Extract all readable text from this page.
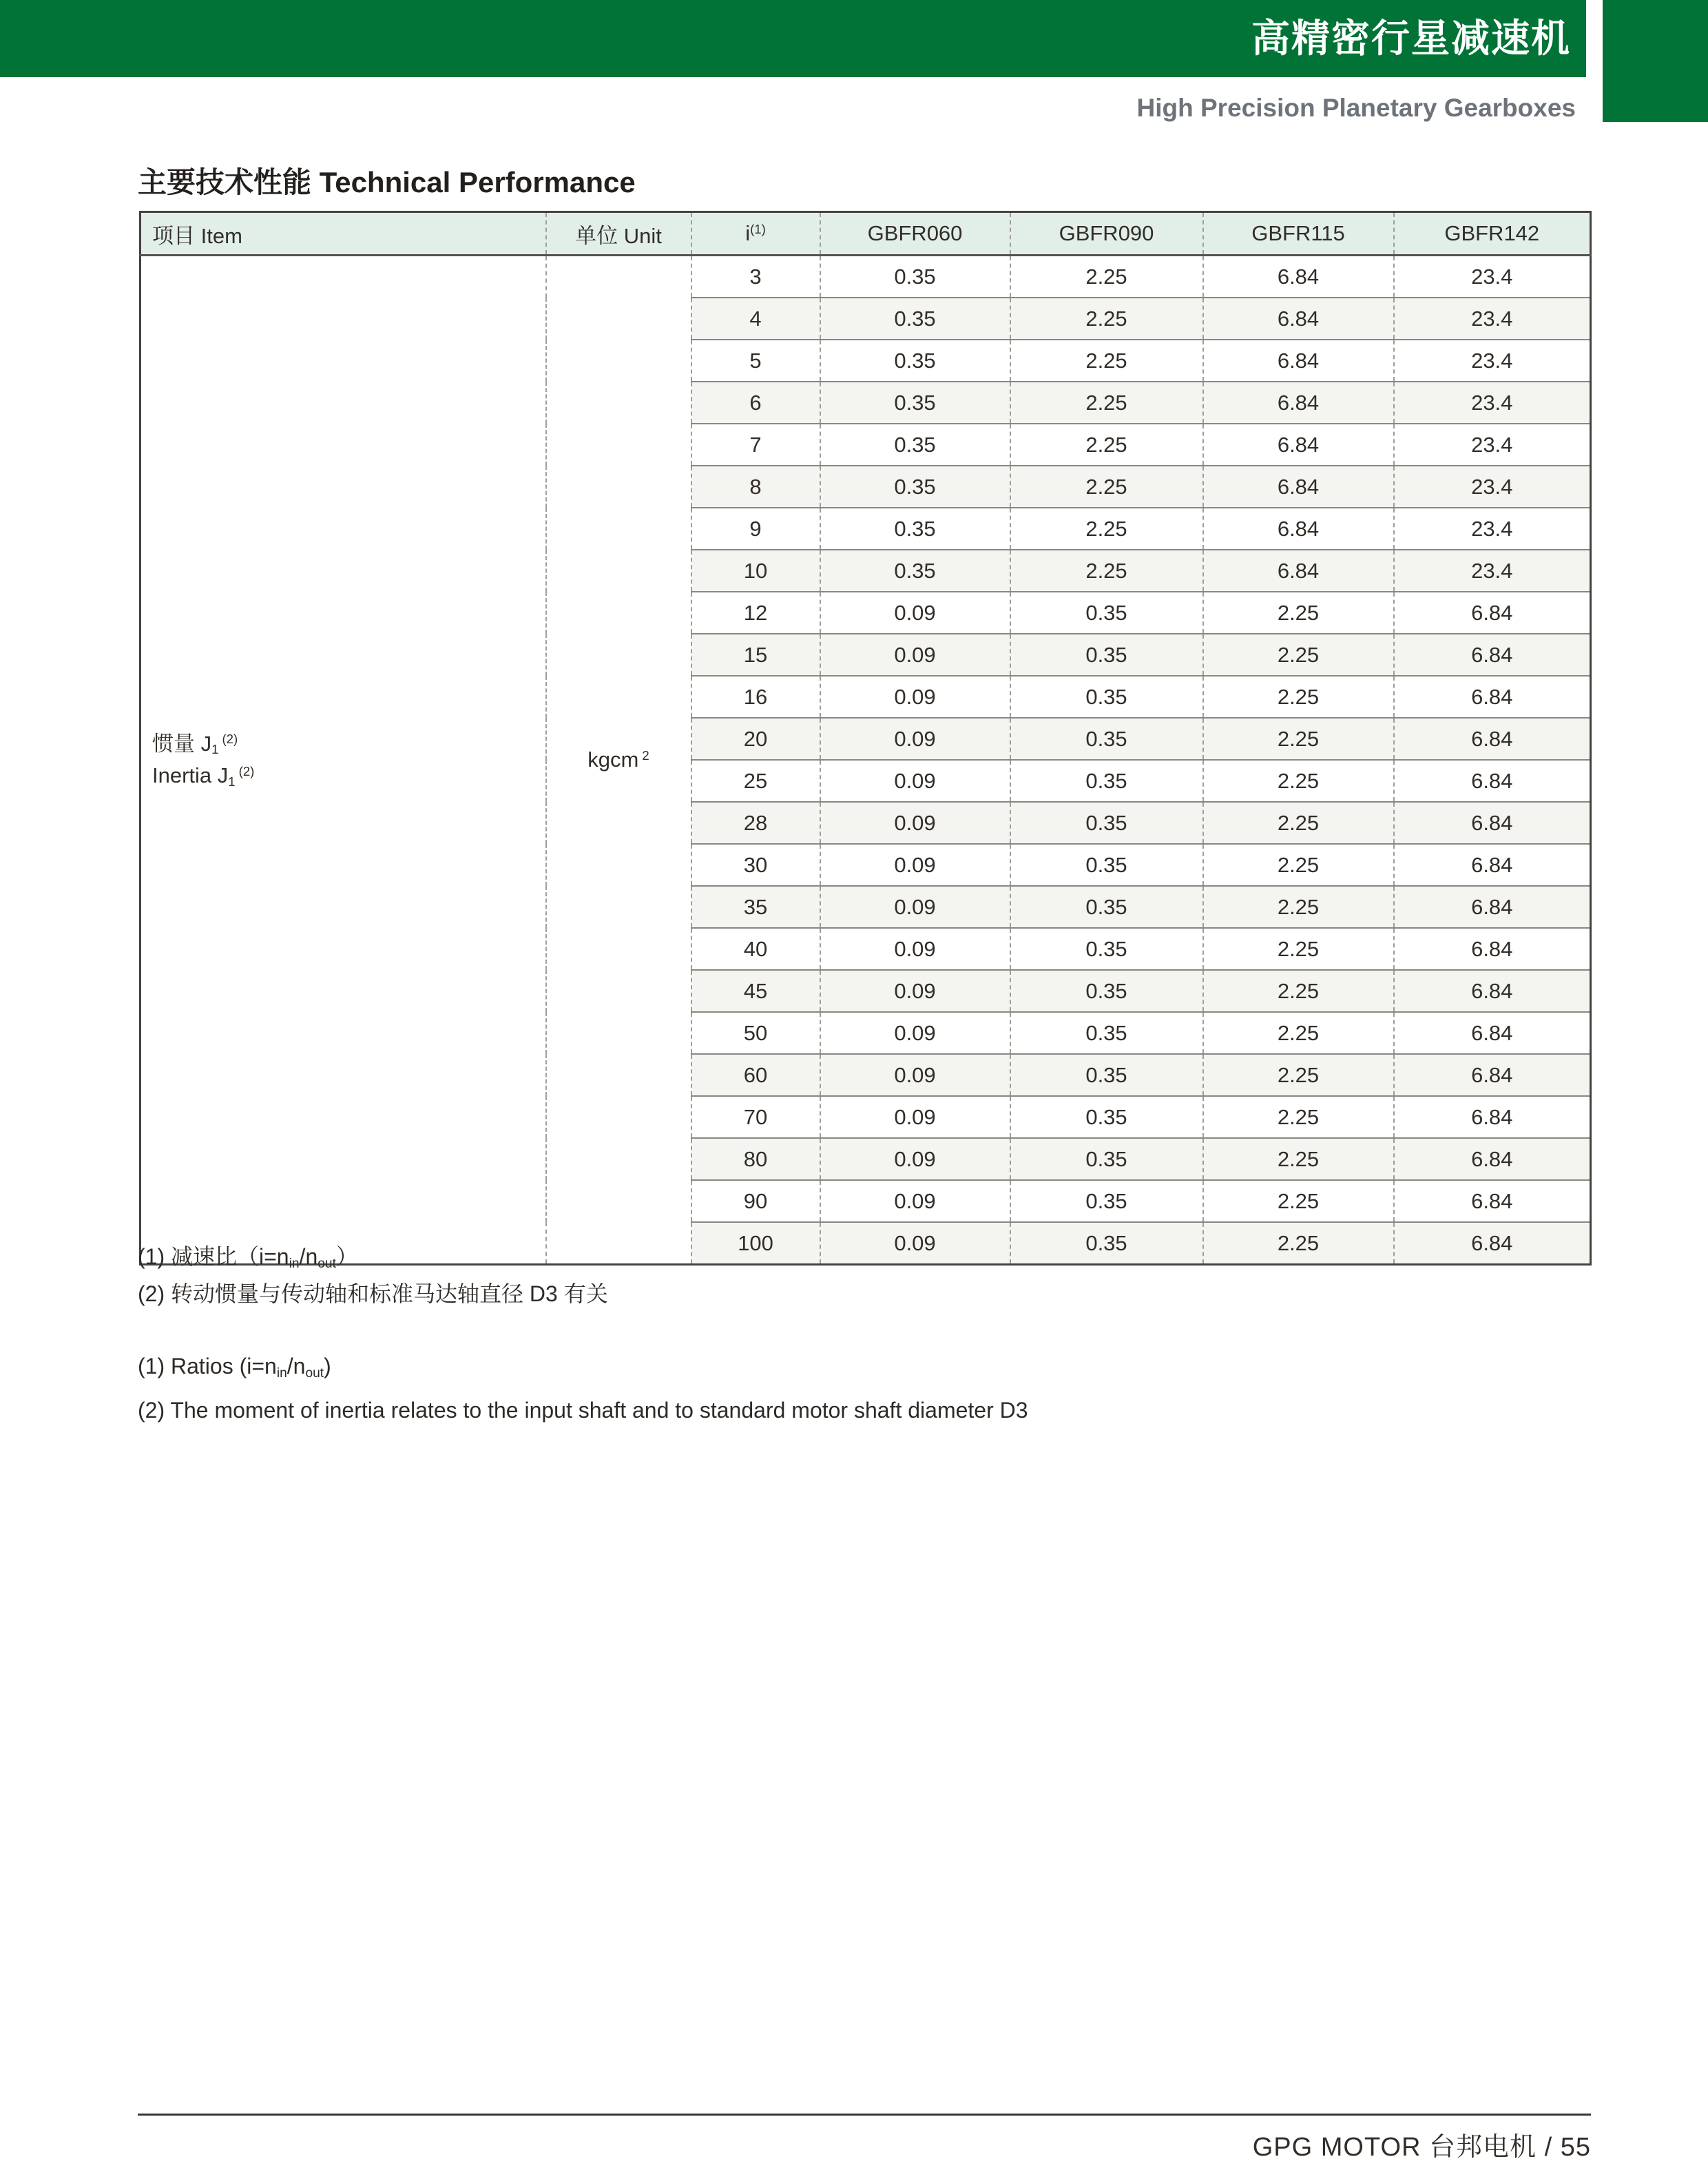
高精密行星减速机
High Precision Planetary Gearboxes
主要技术性能 Technical Performance
项目 Item	单位 Unit	$i^{(1)}$	GBFR060	GBFR090	GBFR115	GBFR142

惯量 $J_1^{(2)}$
Inertia $J_1^{(2)}$	kgcm $^2$	3	0.35	2.25	6.84	23.4
		4	0.35	2.25	6.84	23.4
		5	0.35	2.25	6.84	23.4
		6	0.35	2.25	6.84	23.4
		7	0.35	2.25	6.84	23.4
		8	0.35	2.25	6.84	23.4
		9	0.35	2.25	6.84	23.4
		10	0.35	2.25	6.84	23.4
		12	0.09	0.35	2.25	6.84
		15	0.09	0.35	2.25	6.84
		16	0.09	0.35	2.25	6.84
		20	0.09	0.35	2.25	6.84
		25	0.09	0.35	2.25	6.84
		28	0.09	0.35	2.25	6.84
		30	0.09	0.35	2.25	6.84
		35	0.09	0.35	2.25	6.84
		40	0.09	0.35	2.25	6.84
		45	0.09	0.35	2.25	6.84
		50	0.09	0.35	2.25	6.84
		60	0.09	0.35	2.25	6.84
		70	0.09	0.35	2.25	6.84
		80	0.09	0.35	2.25	6.84
		90	0.09	0.35	2.25	6.84
		100	0.09	0.35	2.25	6.84

(1) 减速比$(i=n_{in}/n_{out})$

(2) 转动惯量与传动轴和标准马达轴直径 D3 有关

(1) Ratios $(i=n_{in}/n_{out})$

(2) The moment of inertia relates to the input shaft and to standard motor shaft diameter D3

GPG MOTOR 台邦电机 / 55
